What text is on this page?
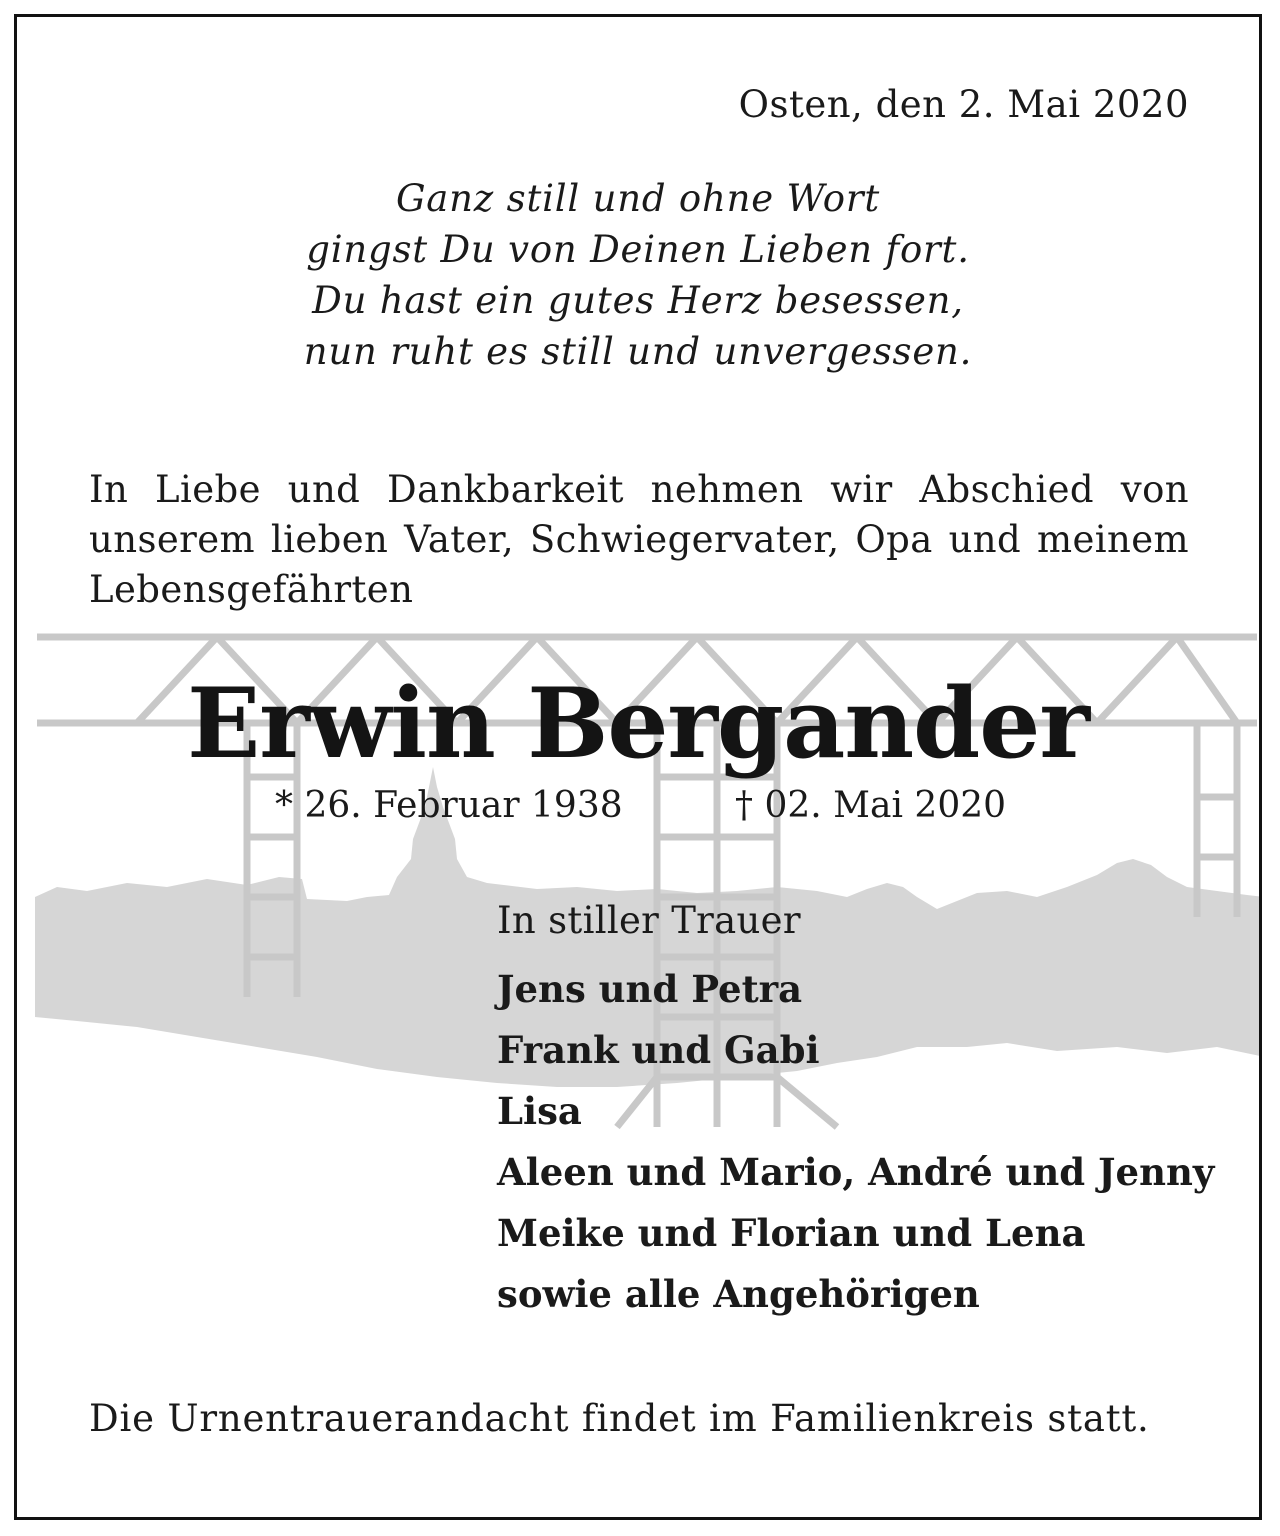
Osten, den 2. Mai 2020
Ganz still und ohne Wort
gingst Du von Deinen Lieben fort.
Du hast ein gutes Herz besessen,
nun ruht es still und unvergessen.
In Liebe und Dankbarkeit nehmen wir Abschied von
unserem lieben Vater, Schwiegervater, Opa und meinem
Lebensgefährten
Erwin Bergander
* 26. Februar 1938	† 02. Mai 2020
In stiller Trauer
Jens und Petra
Frank und Gabi
Lisa
Aleen und Mario, André und Jenny
Meike und Florian und Lena
sowie alle Angehörigen
Die Urnentrauerandacht findet im Familienkreis statt.
